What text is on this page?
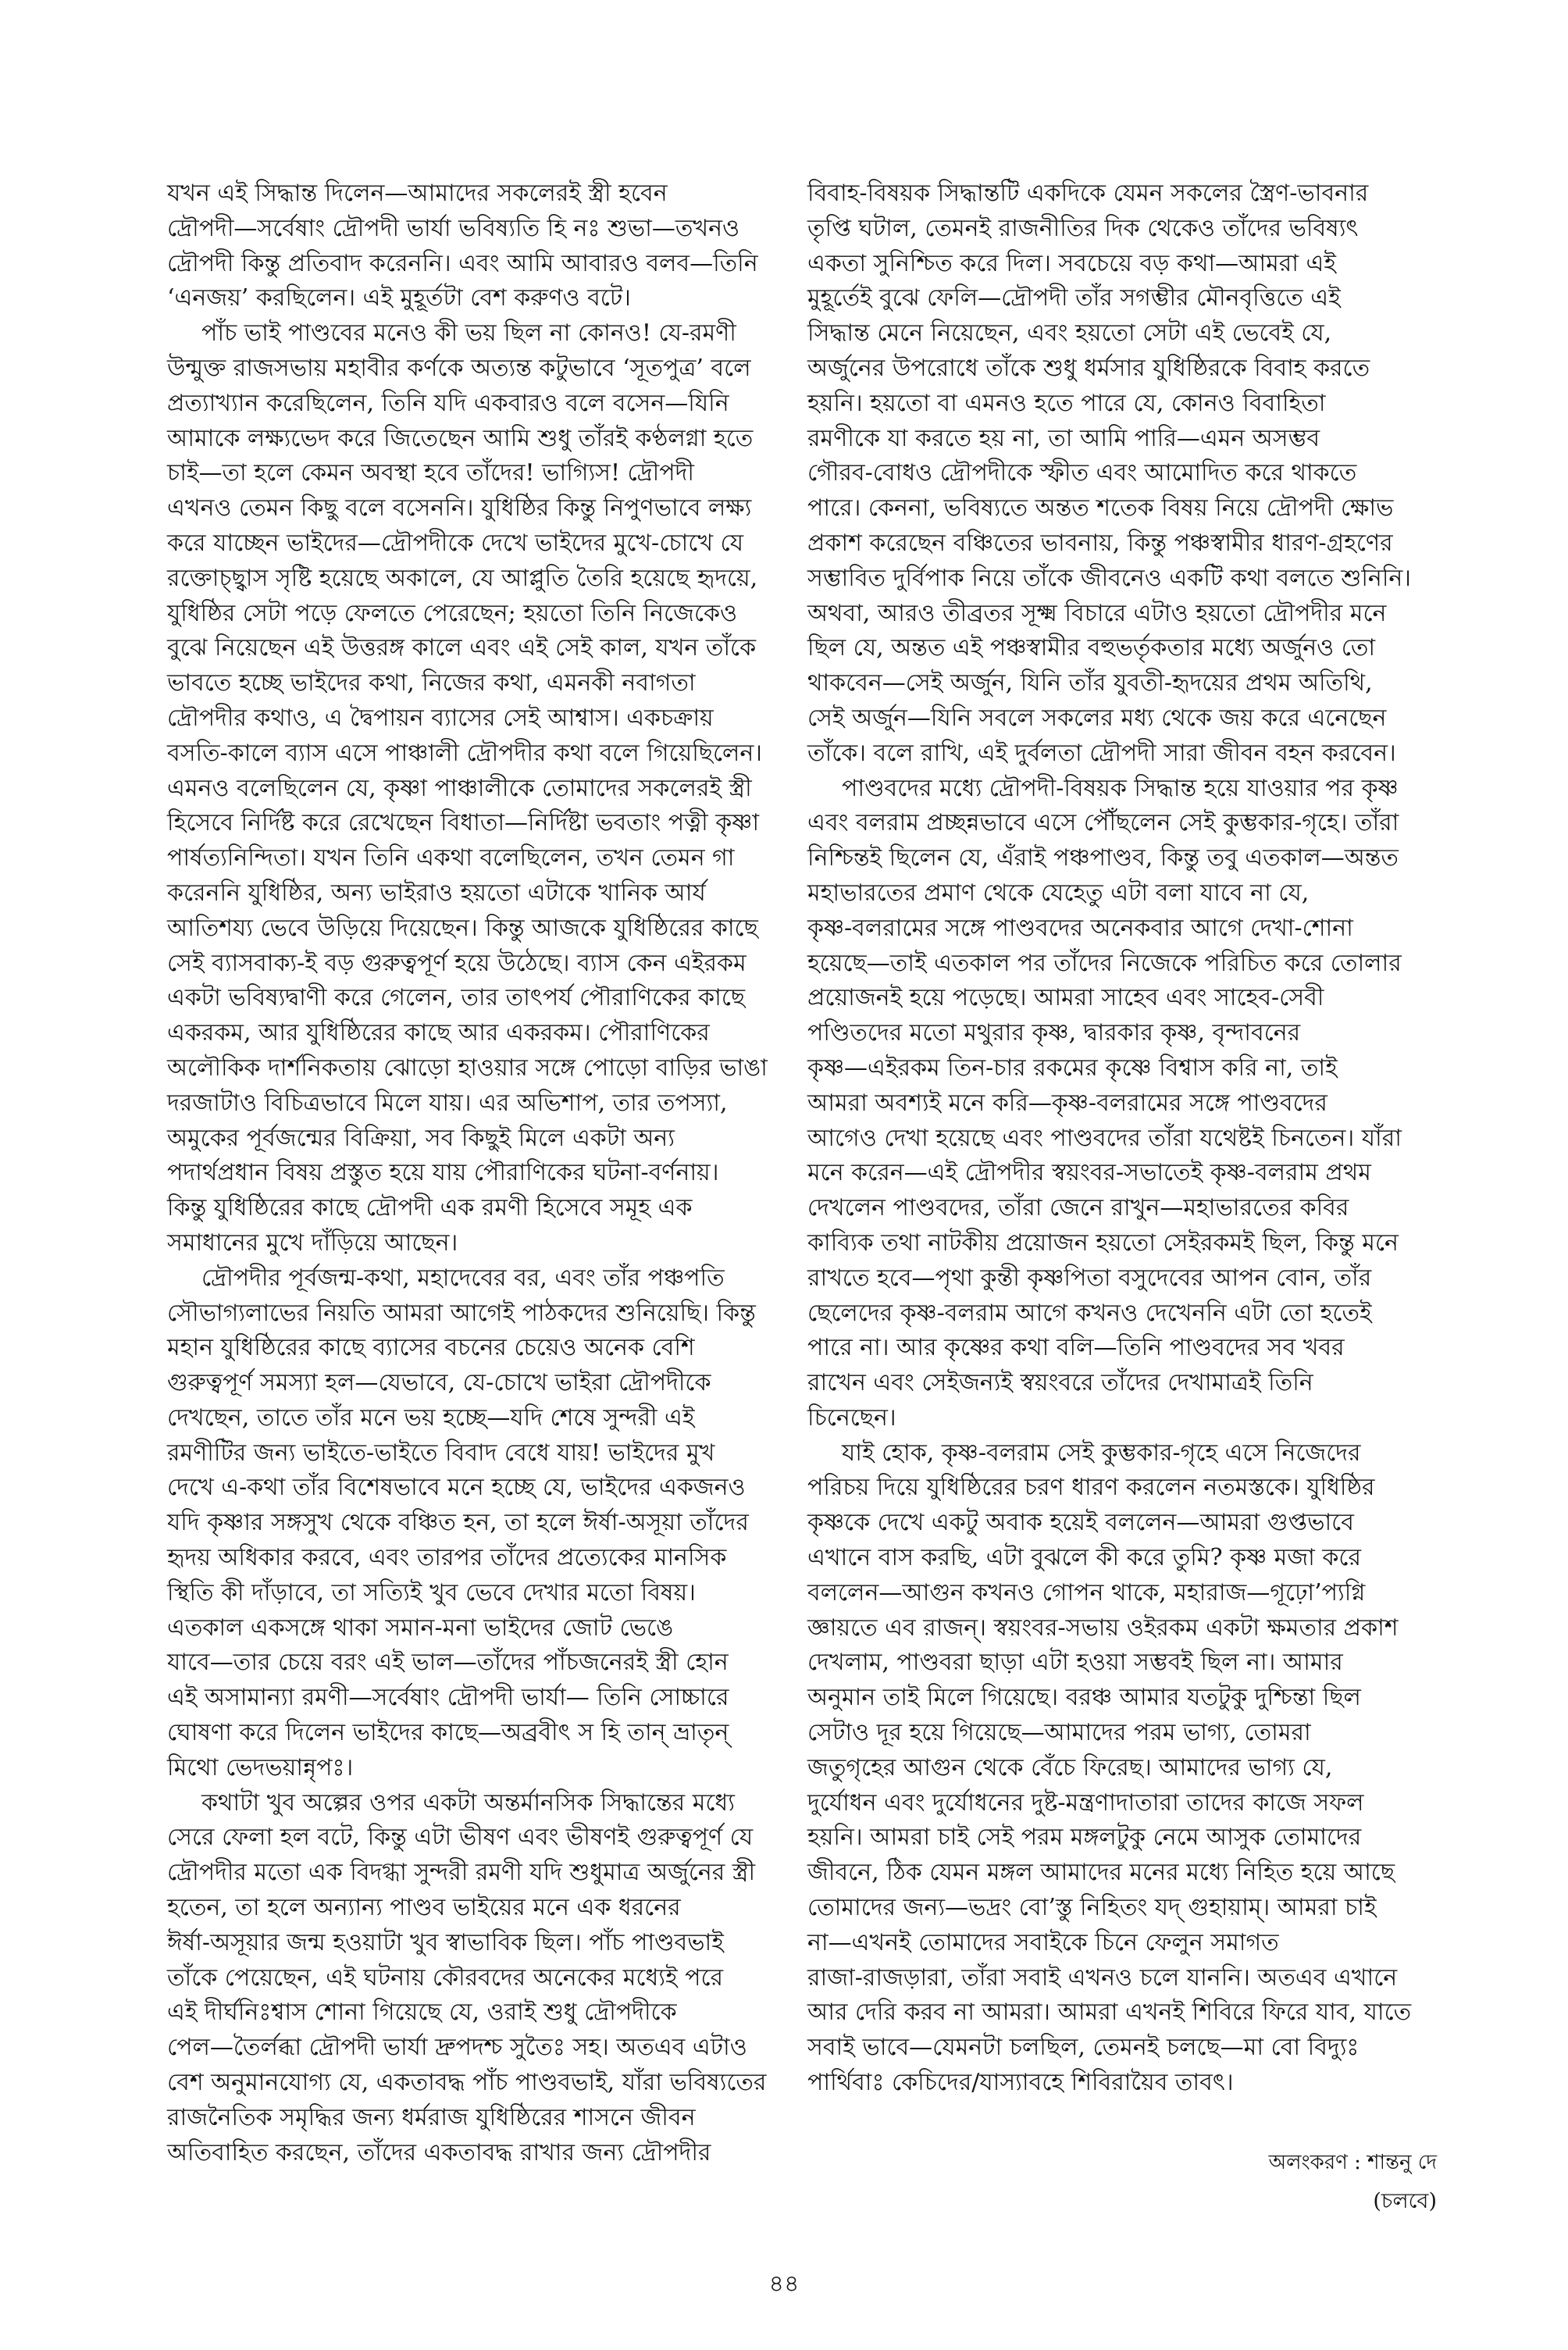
যখন এই সিদ্ধান্ত দিলেন—আমাদের সকলেরই স্ত্রী হবেন
দ্রৌপদী—সর্বেষাং দ্রৌপদী ভার্যা ভবিষ্যতি হি নঃ শুভা—তখনও
দ্রৌপদী কিন্তু প্রতিবাদ করেননি। এবং আমি আবারও বলব—তিনি
‘এনজয়’ করছিলেন। এই মুহূর্তটা বেশ করুণও বটে।
পাঁচ ভাই পাণ্ডবের মনেও কী ভয় ছিল না কোনও! যে-রমণী
উন্মুক্ত রাজসভায় মহাবীর কর্ণকে অত্যন্ত কটুভাবে ‘সূতপুত্র’ বলে
প্রত্যাখ্যান করেছিলেন, তিনি যদি একবারও বলে বসেন—যিনি
আমাকে লক্ষ্যভেদ করে জিতেছেন আমি শুধু তাঁরই কণ্ঠলগ্না হতে
চাই—তা হলে কেমন অবস্থা হবে তাঁদের! ভাগ্যিস! দ্রৌপদী
এখনও তেমন কিছু বলে বসেননি। যুধিষ্ঠির কিন্তু নিপুণভাবে লক্ষ্য
করে যাচ্ছেন ভাইদের—দ্রৌপদীকে দেখে ভাইদের মুখে-চোখে যে
রক্তোচ্ছ্বাস সৃষ্টি হয়েছে অকালে, যে আপ্লুতি তৈরি হয়েছে হৃদয়ে,
যুধিষ্ঠির সেটা পড়ে ফেলতে পেরেছেন; হয়তো তিনি নিজেকেও
বুঝে নিয়েছেন এই উত্তরঙ্গ কালে এবং এই সেই কাল, যখন তাঁকে
ভাবতে হচ্ছে ভাইদের কথা, নিজের কথা, এমনকী নবাগতা
দ্রৌপদীর কথাও, এ দ্বৈপায়ন ব্যাসের সেই আশ্বাস। একচক্রায়
বসতি-কালে ব্যাস এসে পাঞ্চালী দ্রৌপদীর কথা বলে গিয়েছিলেন।
এমনও বলেছিলেন যে, কৃষ্ণা পাঞ্চালীকে তোমাদের সকলেরই স্ত্রী
হিসেবে নির্দিষ্ট করে রেখেছেন বিধাতা—নির্দিষ্টা ভবতাং পত্নী কৃষ্ণা
পার্ষত্যনিন্দিতা। যখন তিনি একথা বলেছিলেন, তখন তেমন গা
করেননি যুধিষ্ঠির, অন্য ভাইরাও হয়তো এটাকে খানিক আর্য
আতিশয্য ভেবে উড়িয়ে দিয়েছেন। কিন্তু আজকে যুধিষ্ঠিরের কাছে
সেই ব্যাসবাক্য-ই বড় গুরুত্বপূর্ণ হয়ে উঠেছে। ব্যাস কেন এইরকম
একটা ভবিষ্যদ্বাণী করে গেলেন, তার তাৎপর্য পৌরাণিকের কাছে
একরকম, আর যুধিষ্ঠিরের কাছে আর একরকম। পৌরাণিকের
অলৌকিক দার্শনিকতায় ঝোড়ো হাওয়ার সঙ্গে পোড়ো বাড়ির ভাঙা
দরজাটাও বিচিত্রভাবে মিলে যায়। এর অভিশাপ, তার তপস্যা,
অমুকের পূর্বজন্মের বিক্রিয়া, সব কিছুই মিলে একটা অন্য
পদার্থপ্রধান বিষয় প্রস্তুত হয়ে যায় পৌরাণিকের ঘটনা-বর্ণনায়।
কিন্তু যুধিষ্ঠিরের কাছে দ্রৌপদী এক রমণী হিসেবে সমূহ এক
সমাধানের মুখে দাঁড়িয়ে আছেন।
দ্রৌপদীর পূর্বজন্ম-কথা, মহাদেবের বর, এবং তাঁর পঞ্চপতি
সৌভাগ্যলাভের নিয়তি আমরা আগেই পাঠকদের শুনিয়েছি। কিন্তু
মহান যুধিষ্ঠিরের কাছে ব্যাসের বচনের চেয়েও অনেক বেশি
গুরুত্বপূর্ণ সমস্যা হল—যেভাবে, যে-চোখে ভাইরা দ্রৌপদীকে
দেখছেন, তাতে তাঁর মনে ভয় হচ্ছে—যদি শেষে সুন্দরী এই
রমণীটির জন্য ভাইতে-ভাইতে বিবাদ বেধে যায়! ভাইদের মুখ
দেখে এ-কথা তাঁর বিশেষভাবে মনে হচ্ছে যে, ভাইদের একজনও
যদি কৃষ্ণার সঙ্গসুখ থেকে বঞ্চিত হন, তা হলে ঈর্ষা-অসূয়া তাঁদের
হৃদয় অধিকার করবে, এবং তারপর তাঁদের প্রত্যেকের মানসিক
স্থিতি কী দাঁড়াবে, তা সত্যিই খুব ভেবে দেখার মতো বিষয়।
এতকাল একসঙ্গে থাকা সমান-মনা ভাইদের জোট ভেঙে
যাবে—তার চেয়ে বরং এই ভাল—তাঁদের পাঁচজনেরই স্ত্রী হোন
এই অসামান্যা রমণী—সর্বেষাং দ্রৌপদী ভার্যা— তিনি সোচ্চারে
ঘোষণা করে দিলেন ভাইদের কাছে—অব্রবীৎ স হি তান্ ভ্রাতৃন্
মিথো ভেদভয়ান্নৃপঃ।
কথাটা খুব অল্পের ওপর একটা অন্তর্মানসিক সিদ্ধান্তের মধ্যে
সেরে ফেলা হল বটে, কিন্তু এটা ভীষণ এবং ভীষণই গুরুত্বপূর্ণ যে
দ্রৌপদীর মতো এক বিদগ্ধা সুন্দরী রমণী যদি শুধুমাত্র অর্জুনের স্ত্রী
হতেন, তা হলে অন্যান্য পাণ্ডব ভাইয়ের মনে এক ধরনের
ঈর্ষা-অসূয়ার জন্ম হওয়াটা খুব স্বাভাবিক ছিল। পাঁচ পাণ্ডবভাই
তাঁকে পেয়েছেন, এই ঘটনায় কৌরবদের অনেকের মধ্যেই পরে
এই দীর্ঘনিঃশ্বাস শোনা গিয়েছে যে, ওরাই শুধু দ্রৌপদীকে
পেল—তৈর্লব্ধা দ্রৌপদী ভার্যা দ্রুপদশ্চ সুতৈঃ সহ। অতএব এটাও
বেশ অনুমানযোগ্য যে, একতাবদ্ধ পাঁচ পাণ্ডবভাই, যাঁরা ভবিষ্যতের
রাজনৈতিক সমৃদ্ধির জন্য ধর্মরাজ যুধিষ্ঠিরের শাসনে জীবন
অতিবাহিত করছেন, তাঁদের একতাবদ্ধ রাখার জন্য দ্রৌপদীর
বিবাহ-বিষয়ক সিদ্ধান্তটি একদিকে যেমন সকলের স্ত্রৈণ-ভাবনার
তৃপ্তি ঘটাল, তেমনই রাজনীতির দিক থেকেও তাঁদের ভবিষ্যৎ
একতা সুনিশ্চিত করে দিল। সবচেয়ে বড় কথা—আমরা এই
মুহূর্তেই বুঝে ফেলি—দ্রৌপদী তাঁর সগম্ভীর মৌনবৃত্তিতে এই
সিদ্ধান্ত মেনে নিয়েছেন, এবং হয়তো সেটা এই ভেবেই যে,
অর্জুনের উপরোধে তাঁকে শুধু ধর্মসার যুধিষ্ঠিরকে বিবাহ করতে
হয়নি। হয়তো বা এমনও হতে পারে যে, কোনও বিবাহিতা
রমণীকে যা করতে হয় না, তা আমি পারি—এমন অসম্ভব
গৌরব-বোধও দ্রৌপদীকে স্ফীত এবং আমোদিত করে থাকতে
পারে। কেননা, ভবিষ্যতে অন্তত শতেক বিষয় নিয়ে দ্রৌপদী ক্ষোভ
প্রকাশ করেছেন বঞ্চিতের ভাবনায়, কিন্তু পঞ্চস্বামীর ধারণ-গ্রহণের
সম্ভাবিত দুর্বিপাক নিয়ে তাঁকে জীবনেও একটি কথা বলতে শুনিনি।
অথবা, আরও তীব্রতর সূক্ষ্ম বিচারে এটাও হয়তো দ্রৌপদীর মনে
ছিল যে, অন্তত এই পঞ্চস্বামীর বহুভর্তৃকতার মধ্যে অর্জুনও তো
থাকবেন—সেই অর্জুন, যিনি তাঁর যুবতী-হৃদয়ের প্রথম অতিথি,
সেই অর্জুন—যিনি সবলে সকলের মধ্য থেকে জয় করে এনেছেন
তাঁকে। বলে রাখি, এই দুর্বলতা দ্রৌপদী সারা জীবন বহন করবেন।
পাণ্ডবদের মধ্যে দ্রৌপদী-বিষয়ক সিদ্ধান্ত হয়ে যাওয়ার পর কৃষ্ণ
এবং বলরাম প্রচ্ছন্নভাবে এসে পৌঁছলেন সেই কুম্ভকার-গৃহে। তাঁরা
নিশ্চিন্তই ছিলেন যে, এঁরাই পঞ্চপাণ্ডব, কিন্তু তবু এতকাল—অন্তত
মহাভারতের প্রমাণ থেকে যেহেতু এটা বলা যাবে না যে,
কৃষ্ণ-বলরামের সঙ্গে পাণ্ডবদের অনেকবার আগে দেখা-শোনা
হয়েছে—তাই এতকাল পর তাঁদের নিজেকে পরিচিত করে তোলার
প্রয়োজনই হয়ে পড়েছে। আমরা সাহেব এবং সাহেব-সেবী
পণ্ডিতদের মতো মথুরার কৃষ্ণ, দ্বারকার কৃষ্ণ, বৃন্দাবনের
কৃষ্ণ—এইরকম তিন-চার রকমের কৃষ্ণে বিশ্বাস করি না, তাই
আমরা অবশ্যই মনে করি—কৃষ্ণ-বলরামের সঙ্গে পাণ্ডবদের
আগেও দেখা হয়েছে এবং পাণ্ডবদের তাঁরা যথেষ্টই চিনতেন। যাঁরা
মনে করেন—এই দ্রৌপদীর স্বয়ংবর-সভাতেই কৃষ্ণ-বলরাম প্রথম
দেখলেন পাণ্ডবদের, তাঁরা জেনে রাখুন—মহাভারতের কবির
কাব্যিক তথা নাটকীয় প্রয়োজন হয়তো সেইরকমই ছিল, কিন্তু মনে
রাখতে হবে—পৃথা কুন্তী কৃষ্ণপিতা বসুদেবের আপন বোন, তাঁর
ছেলেদের কৃষ্ণ-বলরাম আগে কখনও দেখেননি এটা তো হতেই
পারে না। আর কৃষ্ণের কথা বলি—তিনি পাণ্ডবদের সব খবর
রাখেন এবং সেইজন্যই স্বয়ংবরে তাঁদের দেখামাত্রই তিনি
চিনেছেন।
যাই হোক, কৃষ্ণ-বলরাম সেই কুম্ভকার-গৃহে এসে নিজেদের
পরিচয় দিয়ে যুধিষ্ঠিরের চরণ ধারণ করলেন নতমস্তকে। যুধিষ্ঠির
কৃষ্ণকে দেখে একটু অবাক হয়েই বললেন—আমরা গুপ্তভাবে
এখানে বাস করছি, এটা বুঝলে কী করে তুমি? কৃষ্ণ মজা করে
বললেন—আগুন কখনও গোপন থাকে, মহারাজ—গূঢ়ো’প্যগ্নি
জ্ঞায়তে এব রাজন্। স্বয়ংবর-সভায় ওইরকম একটা ক্ষমতার প্রকাশ
দেখলাম, পাণ্ডবরা ছাড়া এটা হওয়া সম্ভবই ছিল না। আমার
অনুমান তাই মিলে গিয়েছে। বরঞ্চ আমার যতটুকু দুশ্চিন্তা ছিল
সেটাও দূর হয়ে গিয়েছে—আমাদের পরম ভাগ্য, তোমরা
জতুগৃহের আগুন থেকে বেঁচে ফিরেছ। আমাদের ভাগ্য যে,
দুর্যোধন এবং দুর্যোধনের দুষ্ট-মন্ত্রণাদাতারা তাদের কাজে সফল
হয়নি। আমরা চাই সেই পরম মঙ্গলটুকু নেমে আসুক তোমাদের
জীবনে, ঠিক যেমন মঙ্গল আমাদের মনের মধ্যে নিহিত হয়ে আছে
তোমাদের জন্য—ভদ্রং বো’স্তু নিহিতং যদ্ গুহায়াম্। আমরা চাই
না—এখনই তোমাদের সবাইকে চিনে ফেলুন সমাগত
রাজা-রাজড়ারা, তাঁরা সবাই এখনও চলে যাননি। অতএব এখানে
আর দেরি করব না আমরা। আমরা এখনই শিবিরে ফিরে যাব, যাতে
সবাই ভাবে—যেমনটা চলছিল, তেমনই চলছে—মা বো বিদ্যুঃ
পার্থিবাঃ কেচিদের/যাস্যাবহে শিবিরায়ৈব তাবৎ।
অলংকরণ : শান্তনু দে
(চলবে)
৪৪
